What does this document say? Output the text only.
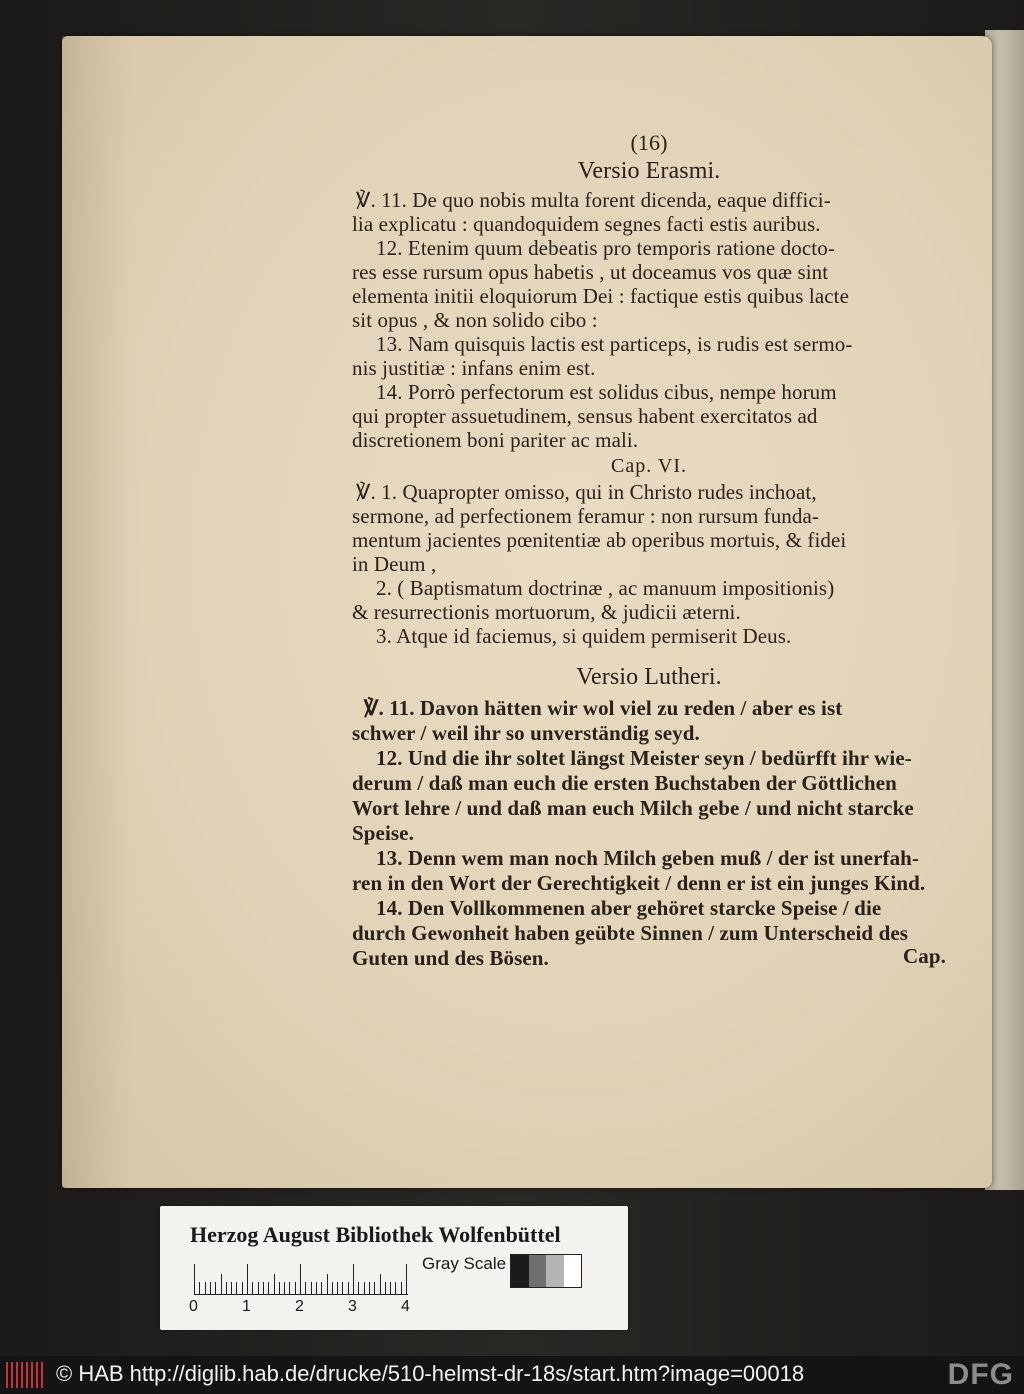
(16)
Versio Erasmi.
℣. 11. De quo nobis multa forent dicenda, eaque diffici-
lia explicatu : quandoquidem segnes facti estis auribus.
12. Etenim quum debeatis pro temporis ratione docto-
res esse rursum opus habetis , ut doceamus vos quæ sint
elementa initii eloquiorum Dei : factique estis quibus lacte
sit opus , & non solido cibo :
13. Nam quisquis lactis est particeps, is rudis est sermo-
nis justitiæ : infans enim est.
14. Porrò perfectorum est solidus cibus, nempe horum
qui propter assuetudinem, sensus habent exercitatos ad
discretionem boni pariter ac mali.
Cap. VI.
℣. 1. Quapropter omisso, qui in Christo rudes inchoat,
sermone, ad perfectionem feramur : non rursum funda-
mentum jacientes pœnitentiæ ab operibus mortuis, & fidei
in Deum ,
2. ( Baptismatum doctrinæ , ac manuum impositionis)
& resurrectionis mortuorum, & judicii æterni.
3. Atque id faciemus, si quidem permiserit Deus.
Versio Lutheri.
℣. 11. Davon hätten wir wol viel zu reden / aber es ist
schwer / weil ihr so unverständig seyd.
12. Und die ihr soltet längst Meister seyn / bedürfft ihr wie-
derum / daß man euch die ersten Buchstaben der Göttlichen
Wort lehre / und daß man euch Milch gebe / und nicht starcke
Speise.
13. Denn wem man noch Milch geben muß / der ist unerfah-
ren in den Wort der Gerechtigkeit / denn er ist ein junges Kind.
14. Den Vollkommenen aber gehöret starcke Speise / die
durch Gewonheit haben geübte Sinnen / zum Unterscheid des
Guten und des Bösen.	Cap.
Herzog August Bibliothek Wolfenbüttel
0	1	2	3	4
Gray Scale
© HAB http://diglib.hab.de/drucke/510-helmst-dr-18s/start.htm?image=00018	DFG
